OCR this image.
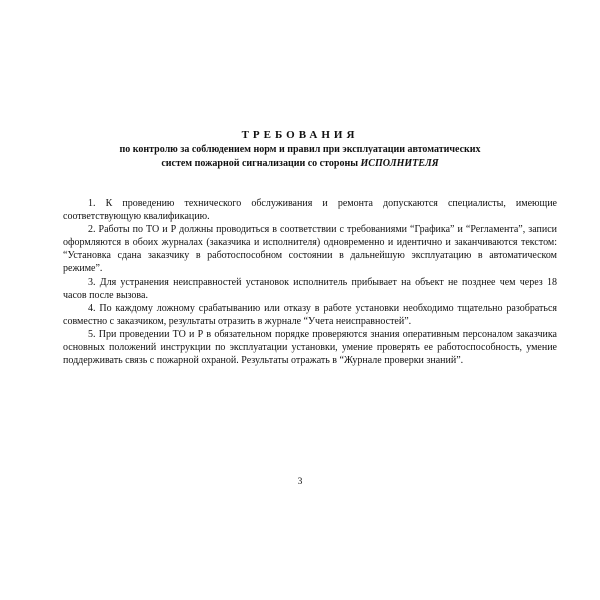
ТРЕБОВАНИЯ
по контролю за соблюдением норм и правил при эксплуатации автоматических
систем пожарной сигнализации со стороны ИСПОЛНИТЕЛЯ

1. К проведению технического обслуживания и ремонта допускаются специалисты, имеющие соответствующую квалификацию.

2. Работы по ТО и Р должны проводиться в соответствии с требованиями “Графика” и “Регламента”, записи оформляются в обоих журналах (заказчика и исполнителя) одновременно и идентично и заканчиваются текстом: “Установка сдана заказчику в работоспособном состоянии в дальнейшую эксплуатацию в автоматическом режиме”.

3. Для устранения неисправностей установок исполнитель прибывает на объект не позднее чем через 18 часов после вызова.

4. По каждому ложному срабатыванию или отказу в работе установки необходимо тщательно разобраться совместно с заказчиком, результаты отразить в журнале “Учета неисправностей”.

5. При проведении ТО и Р в обязательном порядке проверяются знания оперативным персоналом заказчика основных положений инструкции по эксплуатации установки, умение проверять ее работоспособность, умение поддерживать связь с пожарной охраной. Результаты отражать в “Журнале проверки знаний”.

3
